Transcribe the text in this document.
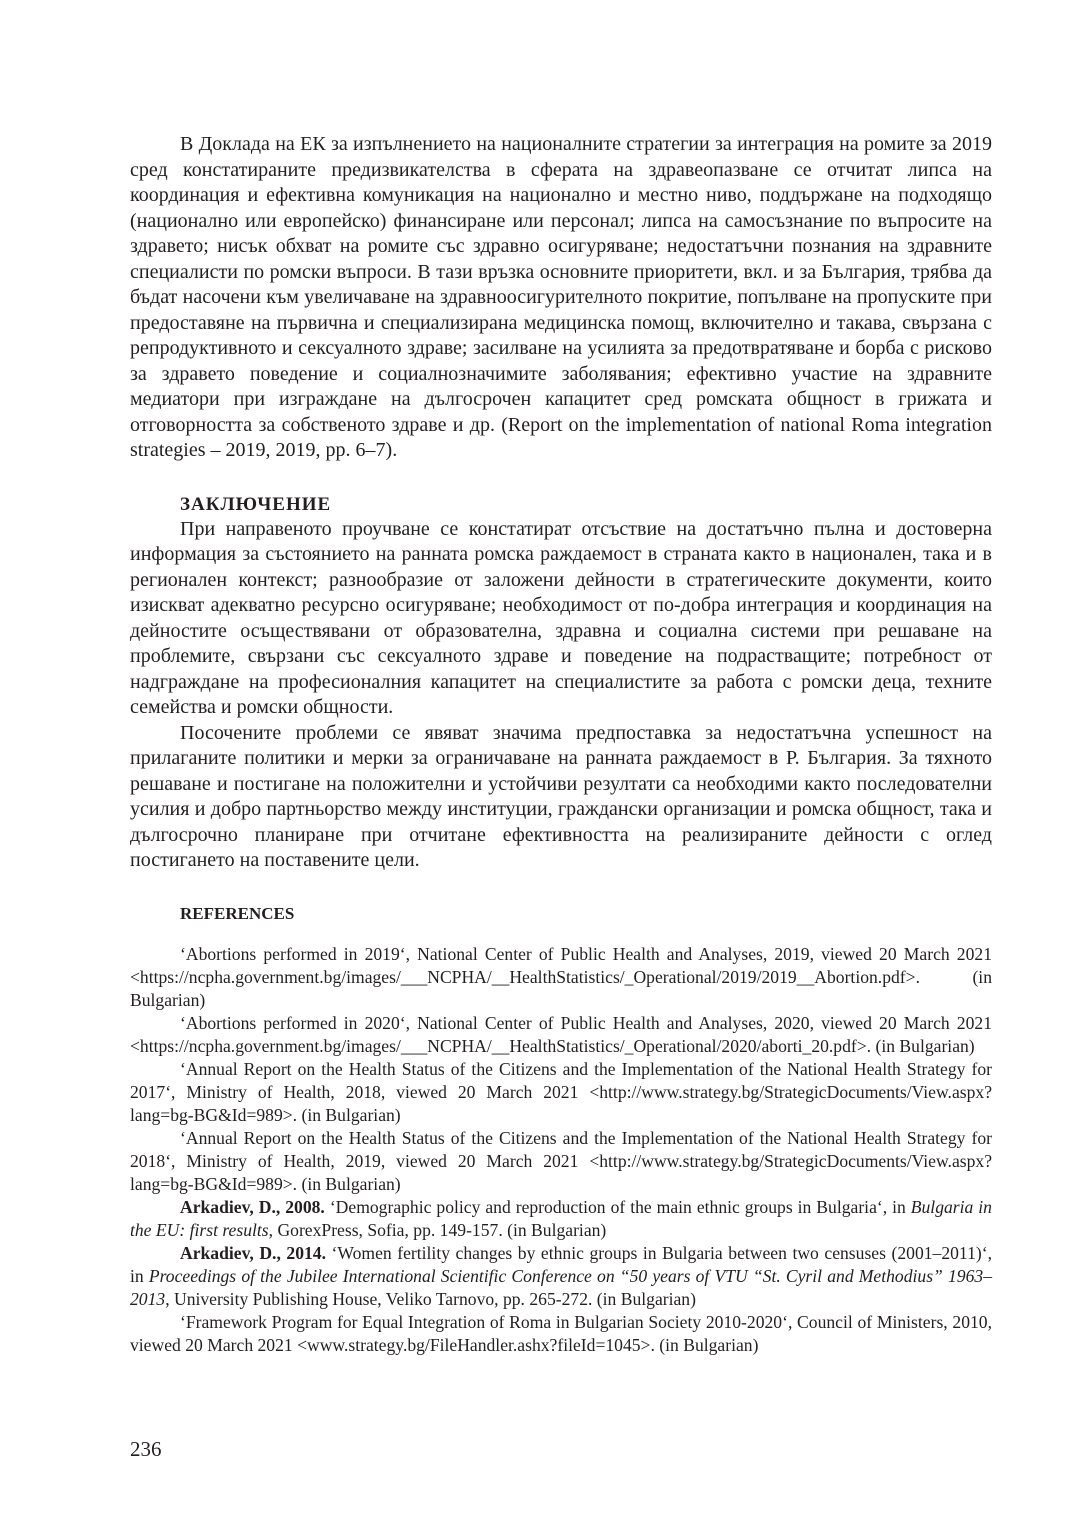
В Доклада на ЕК за изпълнението на националните стратегии за интеграция на ромите за 2019 сред констатираните предизвикателства в сферата на здравеопазване се отчитат липса на координация и ефективна комуникация на национално и местно ниво, поддържане на подходящо (национално или европейско) финансиране или персонал; липса на самосъзнание по въпросите на здравето; нисък обхват на ромите със здравно осигуряване; недостатъчни познания на здравните специалисти по ромски въпроси. В тази връзка основните приоритети, вкл. и за България, трябва да бъдат насочени към увеличаване на здравноосигурителното покритие, попълване на пропуските при предоставяне на първична и специализирана медицинска помощ, включително и такава, свързана с репродуктивното и сексуалното здраве; засилване на усилията за предотвратяване и борба с рисково за здравето поведение и социалнозначимите заболявания; ефективно участие на здравните медиатори при изграждане на дългосрочен капацитет сред ромската общност в грижата и отговорността за собственото здраве и др. (Report on the implementation of national Roma integration strategies – 2019, 2019, pp. 6–7).

ЗАКЛЮЧЕНИЕ

При направеното проучване се констатират отсъствие на достатъчно пълна и достоверна информация за състоянието на ранната ромска раждаемост в страната както в национален, така и в регионален контекст; разнообразие от заложени дейности в стратегическите документи, които изискват адекватно ресурсно осигуряване; необходимост от по-добра интеграция и координация на дейностите осъществявани от образователна, здравна и социална системи при решаване на проблемите, свързани със сексуалното здраве и поведение на подрастващите; потребност от надграждане на професионалния капацитет на специалистите за работа с ромски деца, техните семейства и ромски общности.

Посочените проблеми се явяват значима предпоставка за недостатъчна успешност на прилаганите политики и мерки за ограничаване на ранната раждаемост в Р. България. За тяхното решаване и постигане на положителни и устойчиви резултати са необходими както последователни усилия и добро партньорство между институции, граждански организации и ромска общност, така и дългосрочно планиране при отчитане ефективността на реализираните дейности с оглед постигането на поставените цели.

REFERENCES

‘Abortions performed in 2019‘, National Center of Public Health and Analyses, 2019, viewed 20 March 2021 <https://ncpha.government.bg/images/___NCPHA/__HealthStatistics/_Operational/2019/2019__Abortion.pdf>. (in Bulgarian)

‘Abortions performed in 2020‘, National Center of Public Health and Analyses, 2020, viewed 20 March 2021 <https://ncpha.government.bg/images/___NCPHA/__HealthStatistics/_Operational/2020/aborti_20.pdf>. (in Bulgarian)

‘Annual Report on the Health Status of the Citizens and the Implementation of the National Health Strategy for 2017‘, Ministry of Health, 2018, viewed 20 March 2021 <http://www.strategy.bg/StrategicDocuments/View.aspx?lang=bg-BG&Id=989>. (in Bulgarian)

‘Annual Report on the Health Status of the Citizens and the Implementation of the National Health Strategy for 2018‘, Ministry of Health, 2019, viewed 20 March 2021 <http://www.strategy.bg/StrategicDocuments/View.aspx?lang=bg-BG&Id=989>. (in Bulgarian)

Arkadiev, D., 2008. ‘Demographic policy and reproduction of the main ethnic groups in Bulgaria‘, in Bulgaria in the EU: first results, GorexPress, Sofia, pp. 149-157. (in Bulgarian)

Arkadiev, D., 2014. ‘Women fertility changes by ethnic groups in Bulgaria between two censuses (2001–2011)‘, in Proceedings of the Jubilee International Scientific Conference on “50 years of VTU “St. Cyril and Methodius” 1963–2013, University Publishing House, Veliko Tarnovo, pp. 265-272. (in Bulgarian)

‘Framework Program for Equal Integration of Roma in Bulgarian Society 2010-2020‘, Council of Ministers, 2010, viewed 20 March 2021 <www.strategy.bg/FileHandler.ashx?fileId=1045>. (in Bulgarian)

236
